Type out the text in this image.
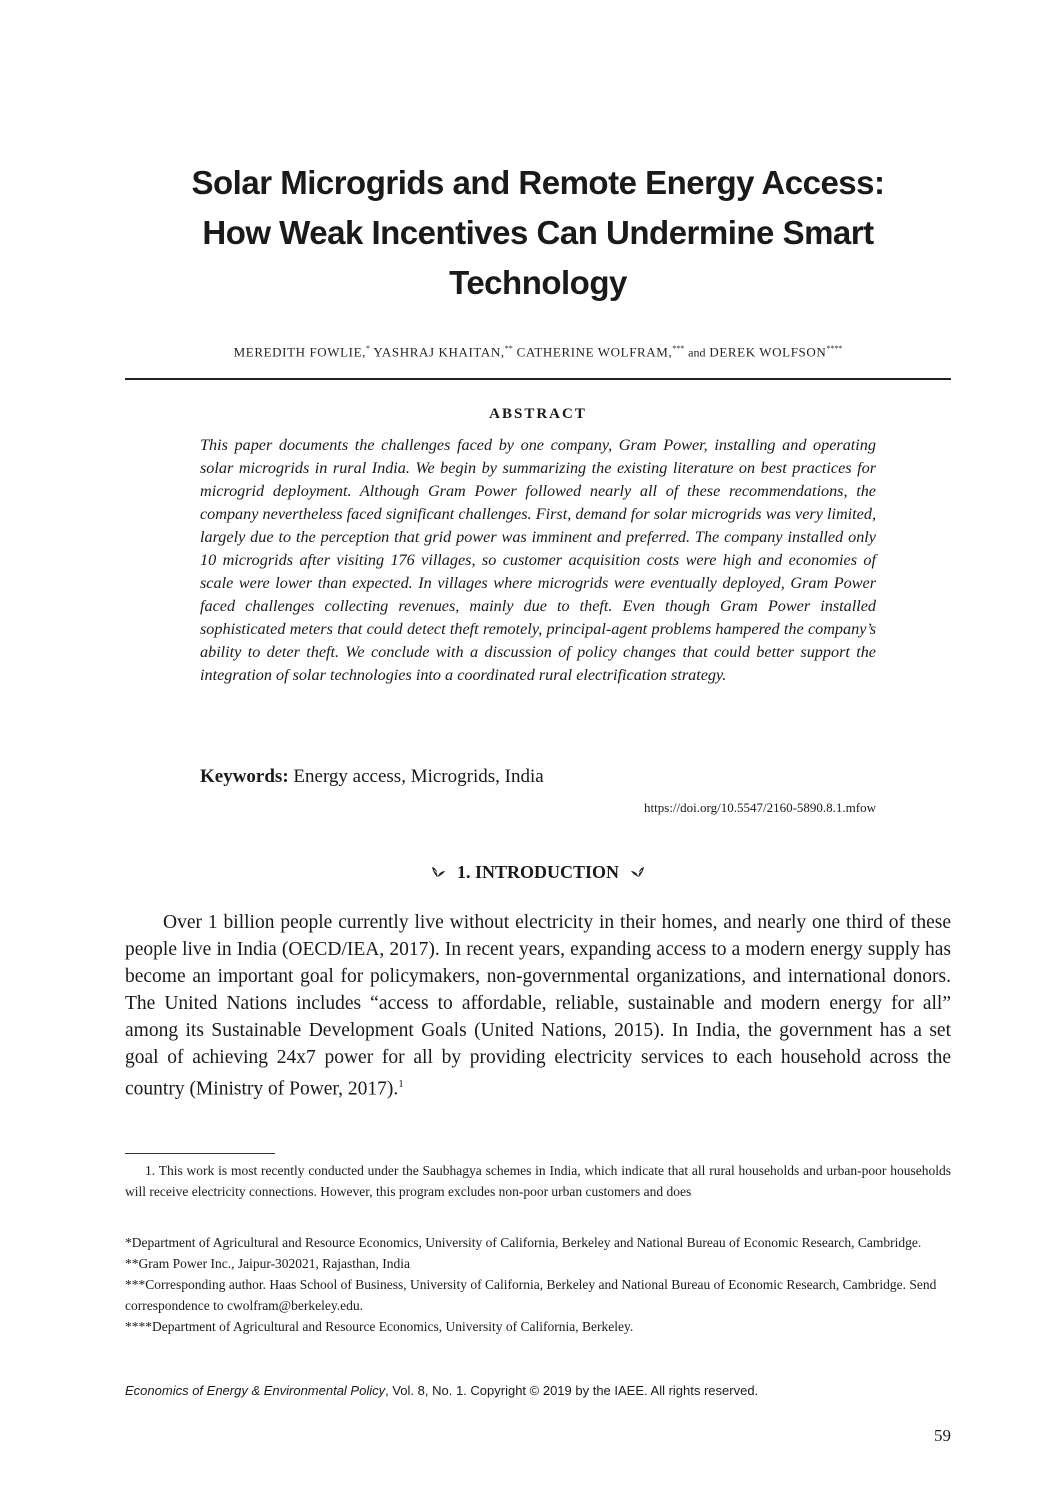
Solar Microgrids and Remote Energy Access:
How Weak Incentives Can Undermine Smart
Technology
MEREDITH FOWLIE,* YASHRAJ KHAITAN,** CATHERINE WOLFRAM,*** and DEREK WOLFSON****
ABSTRACT

This paper documents the challenges faced by one company, Gram Power, installing and operating solar microgrids in rural India. We begin by summarizing the existing literature on best practices for microgrid deployment. Although Gram Power followed nearly all of these recommendations, the company nevertheless faced significant challenges. First, demand for solar microgrids was very limited, largely due to the perception that grid power was imminent and preferred. The company installed only 10 microgrids after visiting 176 villages, so customer acquisition costs were high and economies of scale were lower than expected. In villages where microgrids were eventually deployed, Gram Power faced challenges collecting revenues, mainly due to theft. Even though Gram Power installed sophisticated meters that could detect theft remotely, principal-agent problems hampered the company’s ability to deter theft. We conclude with a discussion of policy changes that could better support the integration of solar technologies into a coordinated rural electrification strategy.

Keywords: Energy access, Microgrids, India
https://doi.org/10.5547/2160-5890.8.1.mfow
1. INTRODUCTION

Over 1 billion people currently live without electricity in their homes, and nearly one third of these people live in India (OECD/IEA, 2017). In recent years, expanding access to a modern energy supply has become an important goal for policymakers, non-governmental organizations, and international donors. The United Nations includes “access to affordable, reliable, sustainable and modern energy for all” among its Sustainable Development Goals (United Nations, 2015). In India, the government has a set goal of achieving 24x7 power for all by providing electricity services to each household across the country (Ministry of Power, 2017).$^1$

1. This work is most recently conducted under the Saubhagya schemes in India, which indicate that all rural households and urban-poor households will receive electricity connections. However, this program excludes non-poor urban customers and does

*Department of Agricultural and Resource Economics, University of California, Berkeley and National Bureau of Economic Research, Cambridge.

**Gram Power Inc., Jaipur-302021, Rajasthan, India

***Corresponding author. Haas School of Business, University of California, Berkeley and National Bureau of Economic Research, Cambridge. Send correspondence to cwolfram@berkeley.edu.

****Department of Agricultural and Resource Economics, University of California, Berkeley.

Economics of Energy & Environmental Policy, Vol. 8, No. 1. Copyright © 2019 by the IAEE. All rights reserved.
59
